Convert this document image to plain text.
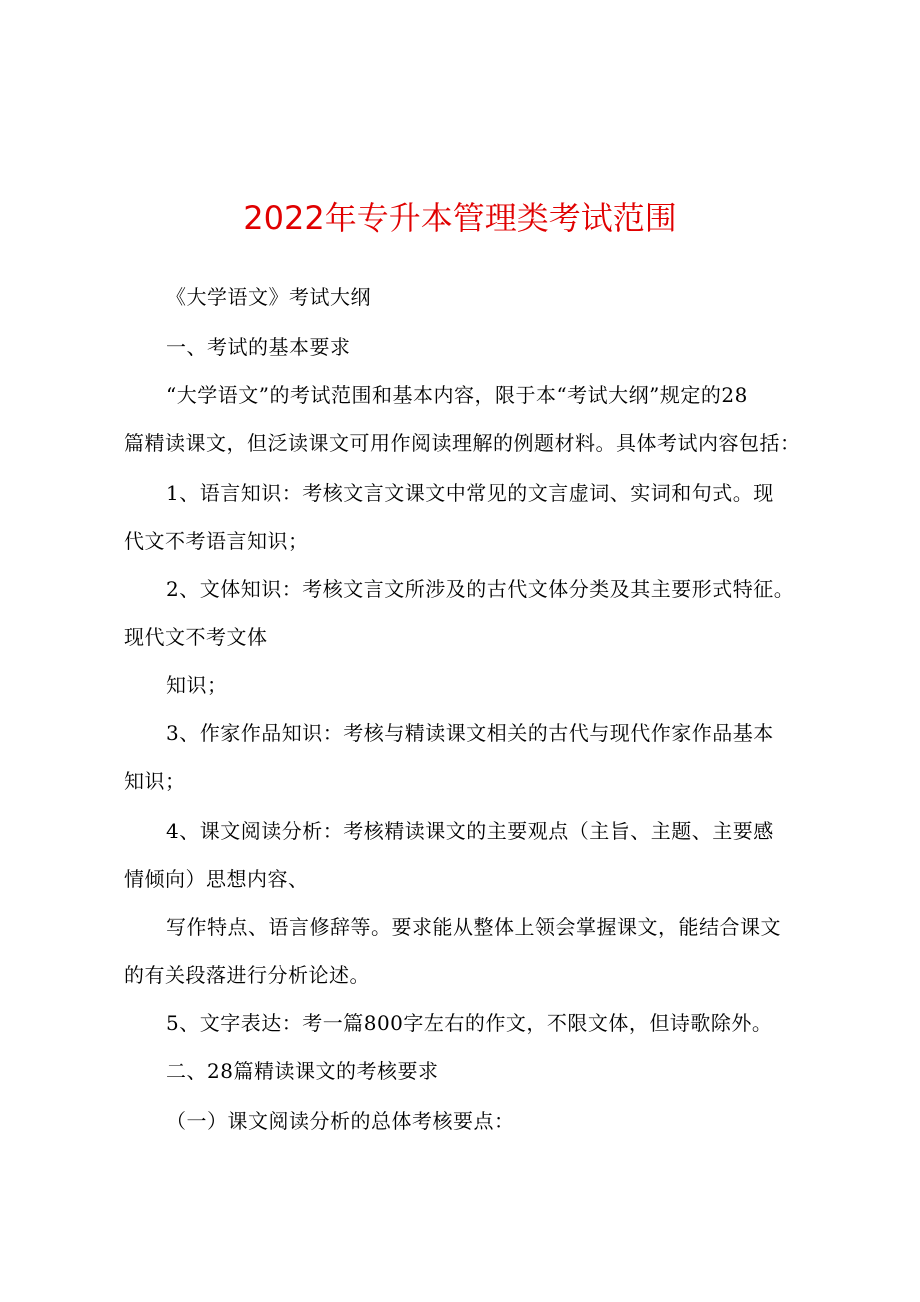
2022年专升本管理类考试范围
《大学语文》考试大纲
一、考试的基本要求
“大学语文”的考试范围和基本内容，限于本“考试大纲”规定的28
篇精读课文，但泛读课文可用作阅读理解的例题材料。具体考试内容包括：
1、语言知识：考核文言文课文中常见的文言虚词、实词和句式。现
代文不考语言知识；
2、文体知识：考核文言文所涉及的古代文体分类及其主要形式特征。
现代文不考文体
知识；
3、作家作品知识：考核与精读课文相关的古代与现代作家作品基本
知识；
4、课文阅读分析：考核精读课文的主要观点（主旨、主题、主要感
情倾向）思想内容、
写作特点、语言修辞等。要求能从整体上领会掌握课文，能结合课文
的有关段落进行分析论述。
5、文字表达：考一篇800字左右的作文，不限文体，但诗歌除外。
二、28篇精读课文的考核要求
（一）课文阅读分析的总体考核要点：
